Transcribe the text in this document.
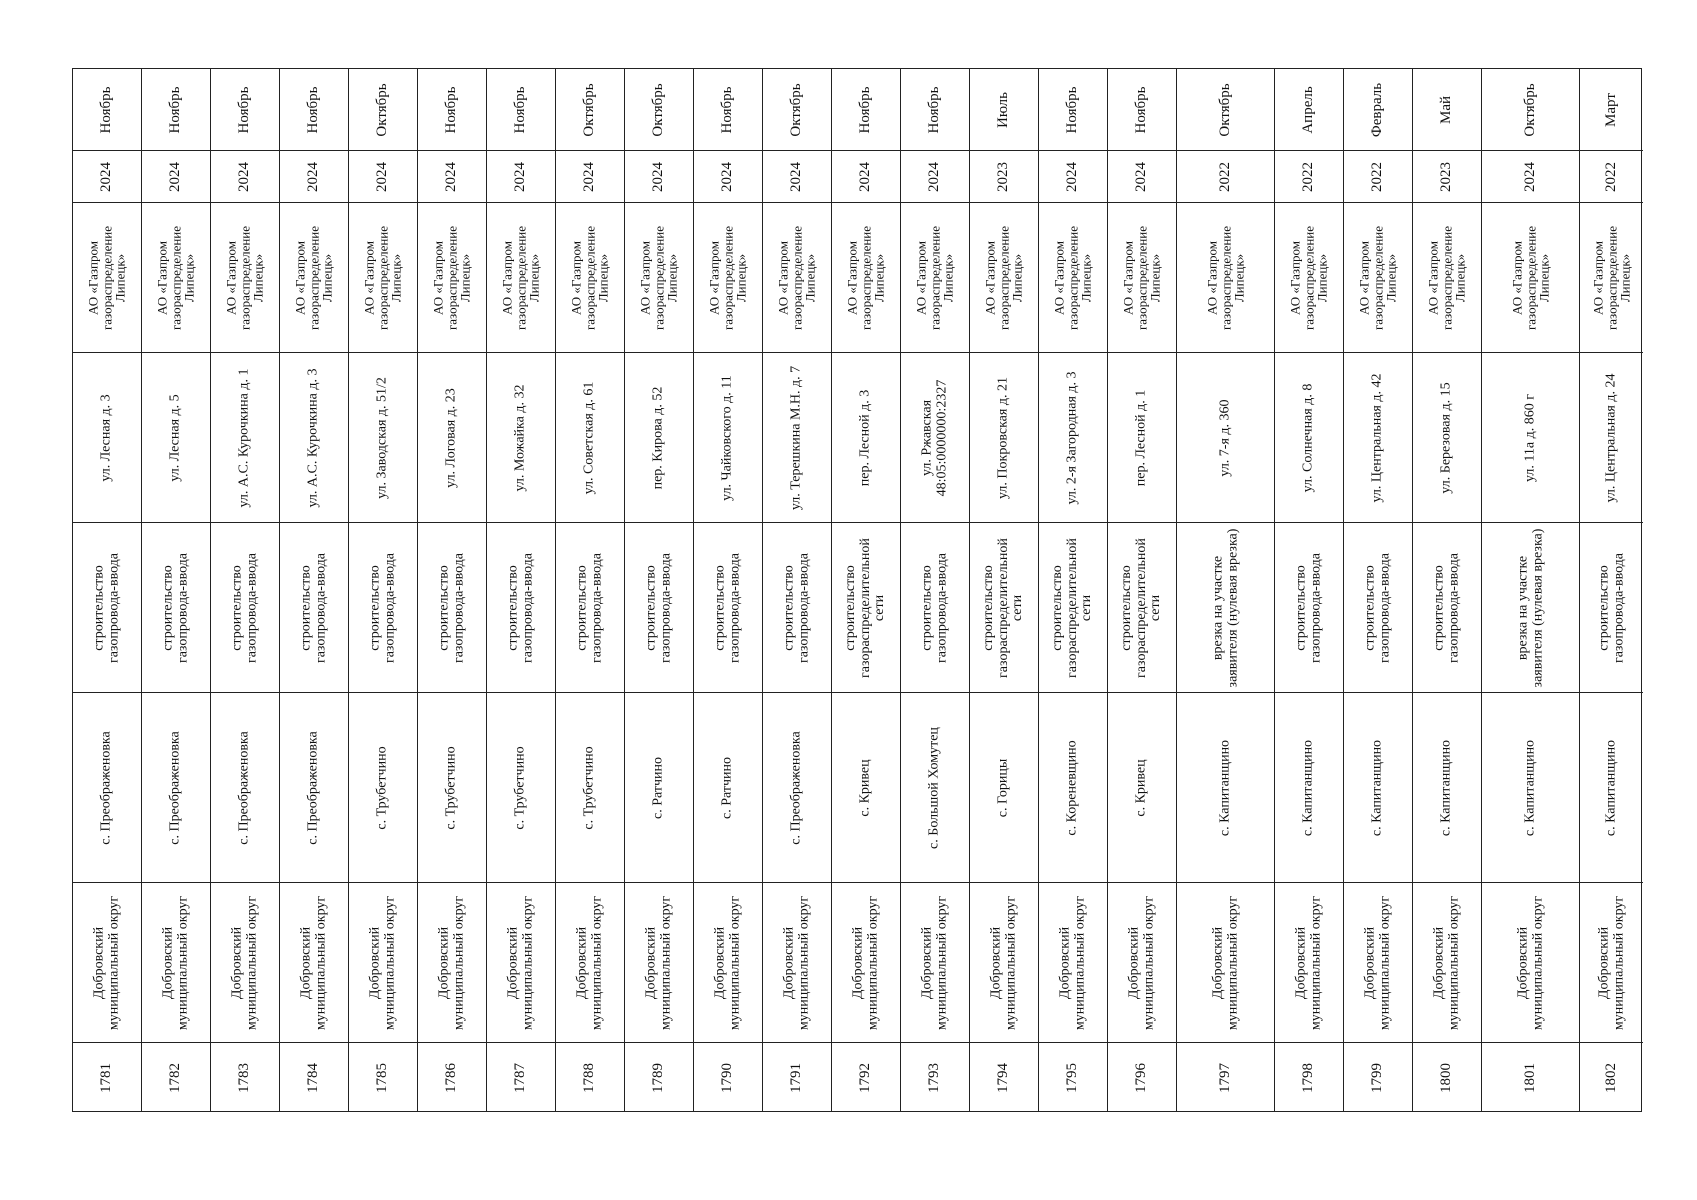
Ноябрь
2024
АО «Газпром газораспределение Липецк»
ул. Лесная д. 3
строительство газопровода-ввода
с. Преображеновка
Добровский муниципальный округ
1781
Ноябрь
2024
АО «Газпром газораспределение Липецк»
ул. Лесная д. 5
строительство газопровода-ввода
с. Преображеновка
Добровский муниципальный округ
1782
Ноябрь
2024
АО «Газпром газораспределение Липецк»
ул. А.С. Курочкина д. 1
строительство газопровода-ввода
с. Преображеновка
Добровский муниципальный округ
1783
Ноябрь
2024
АО «Газпром газораспределение Липецк»
ул. А.С. Курочкина д. 3
строительство газопровода-ввода
с. Преображеновка
Добровский муниципальный округ
1784
Октябрь
2024
АО «Газпром газораспределение Липецк»
ул. Заводская д. 51/2
строительство газопровода-ввода
с. Трубетчино
Добровский муниципальный округ
1785
Ноябрь
2024
АО «Газпром газораспределение Липецк»
ул. Логовая д. 23
строительство газопровода-ввода
с. Трубетчино
Добровский муниципальный округ
1786
Ноябрь
2024
АО «Газпром газораспределение Липецк»
ул. Можайка д. 32
строительство газопровода-ввода
с. Трубетчино
Добровский муниципальный округ
1787
Октябрь
2024
АО «Газпром газораспределение Липецк»
ул. Советская д. 61
строительство газопровода-ввода
с. Трубетчино
Добровский муниципальный округ
1788
Октябрь
2024
АО «Газпром газораспределение Липецк»
пер. Кирова д. 52
строительство газопровода-ввода
с. Ратчино
Добровский муниципальный округ
1789
Ноябрь
2024
АО «Газпром газораспределение Липецк»
ул. Чайковского д. 11
строительство газопровода-ввода
с. Ратчино
Добровский муниципальный округ
1790
Октябрь
2024
АО «Газпром газораспределение Липецк»
ул. Терешкина М.Н. д. 7
строительство газопровода-ввода
с. Преображеновка
Добровский муниципальный округ
1791
Ноябрь
2024
АО «Газпром газораспределение Липецк»
пер. Лесной д. 3
строительство газораспределительной сети
с. Кривец
Добровский муниципальный округ
1792
Ноябрь
2024
АО «Газпром газораспределение Липецк»
ул. Ржавская 48:05:0000000:2327
строительство газопровода-ввода
с. Большой Хомутец
Добровский муниципальный округ
1793
Июль
2023
АО «Газпром газораспределение Липецк»
ул. Покровская д. 21
строительство газораспределительной сети
с. Горицы
Добровский муниципальный округ
1794
Ноябрь
2024
АО «Газпром газораспределение Липецк»
ул. 2-я Загородная д. 3
строительство газораспределительной сети
с. Кореневщино
Добровский муниципальный округ
1795
Ноябрь
2024
АО «Газпром газораспределение Липецк»
пер. Лесной д. 1
строительство газораспределительной сети
с. Кривец
Добровский муниципальный округ
1796
Октябрь
2022
АО «Газпром газораспределение Липецк»
ул. 7-я д. 360
врезка на участке заявителя (нулевая врезка)
с. Капитанщино
Добровский муниципальный округ
1797
Апрель
2022
АО «Газпром газораспределение Липецк»
ул. Солнечная д. 8
строительство газопровода-ввода
с. Капитанщино
Добровский муниципальный округ
1798
Февраль
2022
АО «Газпром газораспределение Липецк»
ул. Центральная д. 42
строительство газопровода-ввода
с. Капитанщино
Добровский муниципальный округ
1799
Май
2023
АО «Газпром газораспределение Липецк»
ул. Березовая д. 15
строительство газопровода-ввода
с. Капитанщино
Добровский муниципальный округ
1800
Октябрь
2024
АО «Газпром газораспределение Липецк»
ул. 11а д. 860 г
врезка на участке заявителя (нулевая врезка)
с. Капитанщино
Добровский муниципальный округ
1801
Март
2022
АО «Газпром газораспределение Липецк»
ул. Центральная д. 24
строительство газопровода-ввода
с. Капитанщино
Добровский муниципальный округ
1802
